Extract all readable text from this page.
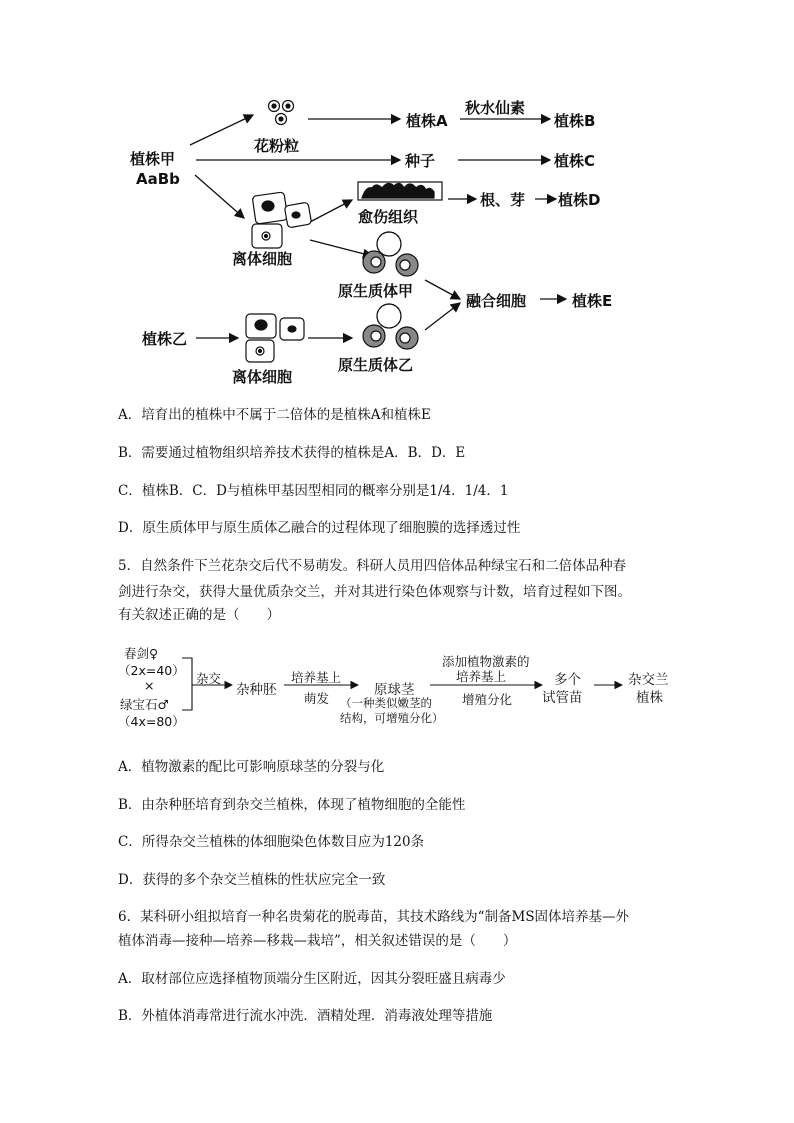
植株甲
AaBb
花粉粒
植株A
秋水仙素
植株B
种子	植株C
愈伤组织
根、芽 植株D
离体细胞
原生质体甲
融合细胞	植株E
植株乙
离体细胞
原生质体乙
A．培育出的植株中不属于二倍体的是植株A和植株E
B．需要通过植物组织培养技术获得的植株是A．B．D．E
C．植株B．C．D与植株甲基因型相同的概率分别是1/4．1/4．1
D．原生质体甲与原生质体乙融合的过程体现了细胞膜的选择透过性
5．自然条件下兰花杂交后代不易萌发。科研人员用四倍体品种绿宝石和二倍体品种春
剑进行杂交，获得大量优质杂交兰，并对其进行染色体观察与计数，培育过程如下图。
有关叙述正确的是（　　）
春剑♀
（2x=40）
×
绿宝石♂
（4x=80）
杂交
杂种胚
培养基上
萌发
原球茎
（一种类似嫩茎的
结构，可增殖分化）
添加植物激素的
培养基上
增殖分化
多个
试管苗
杂交兰
植株
A．植物激素的配比可影响原球茎的分裂与化
B．由杂种胚培育到杂交兰植株，体现了植物细胞的全能性
C．所得杂交兰植株的体细胞染色体数目应为120条
D．获得的多个杂交兰植株的性状应完全一致
6．某科研小组拟培育一种名贵菊花的脱毒苗，其技术路线为“制备MS固体培养基—外
植体消毒—接种—培养—移栽—栽培”，相关叙述错误的是（　　）
A．取材部位应选择植物顶端分生区附近，因其分裂旺盛且病毒少
B．外植体消毒常进行流水冲洗．酒精处理．消毒液处理等措施
